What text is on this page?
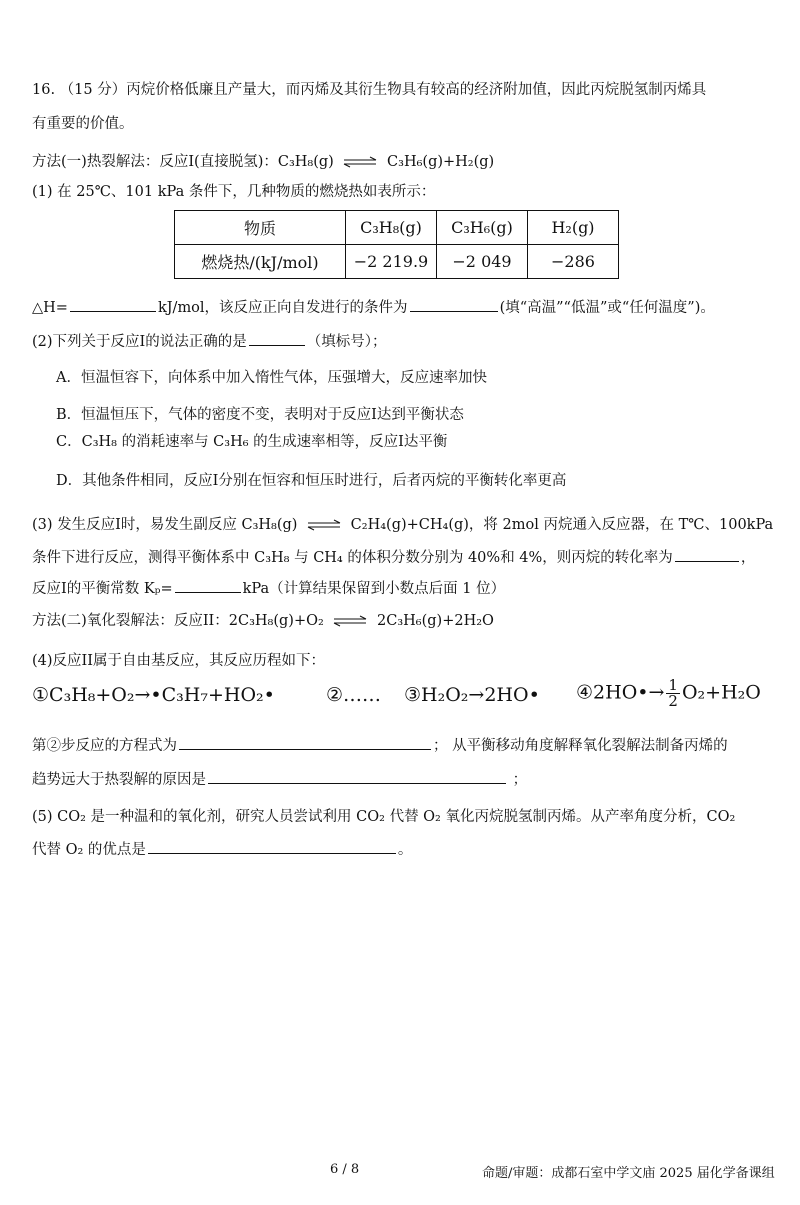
16. （15 分）丙烷价格低廉且产量大，而丙烯及其衍生物具有较高的经济附加值，因此丙烷脱氢制丙烯具
有重要的价值。
方法(一)热裂解法：反应I(直接脱氢)：C₃H₈(g) ⇌ C₃H₆(g)+H₂(g)
(1) 在 25℃、101 kPa 条件下，几种物质的燃烧热如表所示：
物质	C₃H₈(g)	C₃H₆(g)	H₂(g)
燃烧热/(kJ/mol)	−2 219.9	−2 049	−286
△H=	kJ/mol，该反应正向自发进行的条件为	(填“高温”“低温”或“任何温度”)。
(2)下列关于反应I的说法正确的是	（填标号）；
A．恒温恒容下，向体系中加入惰性气体，压强增大，反应速率加快
B．恒温恒压下，气体的密度不变，表明对于反应I达到平衡状态
C．C₃H₈ 的消耗速率与 C₃H₆ 的生成速率相等，反应I达平衡
D．其他条件相同，反应I分别在恒容和恒压时进行，后者丙烷的平衡转化率更高
(3) 发生反应I时，易发生副反应 C₃H₈(g) ⇌ C₂H₄(g)+CH₄(g)，将 2mol 丙烷通入反应器，在 T℃、100kPa
条件下进行反应，测得平衡体系中 C₃H₈ 与 CH₄ 的体积分数分别为 40%和 4%，则丙烷的转化率为	，
反应I的平衡常数 Kₚ=	kPa（计算结果保留到小数点后面 1 位）
方法(二)氧化裂解法：反应II：2C₃H₈(g)+O₂ ⇌ 2C₃H₆(g)+2H₂O
(4)反应II属于自由基反应，其反应历程如下：
①C₃H₈+O₂→•C₃H₇+HO₂•	②…… ③H₂O₂→2HO• ④2HO•→ $\frac{1}{2} O_2+H_2O$
第②步反应的方程式为	； 从平衡移动角度解释氧化裂解法制备丙烯的
趋势远大于热裂解的原因是	；
(5) CO₂ 是一种温和的氧化剂，研究人员尝试利用 CO₂ 代替 O₂ 氧化丙烷脱氢制丙烯。从产率角度分析，CO₂
代替 O₂ 的优点是	。
6 / 8	命题/审题：成都石室中学文庙 2025 届化学备课组
